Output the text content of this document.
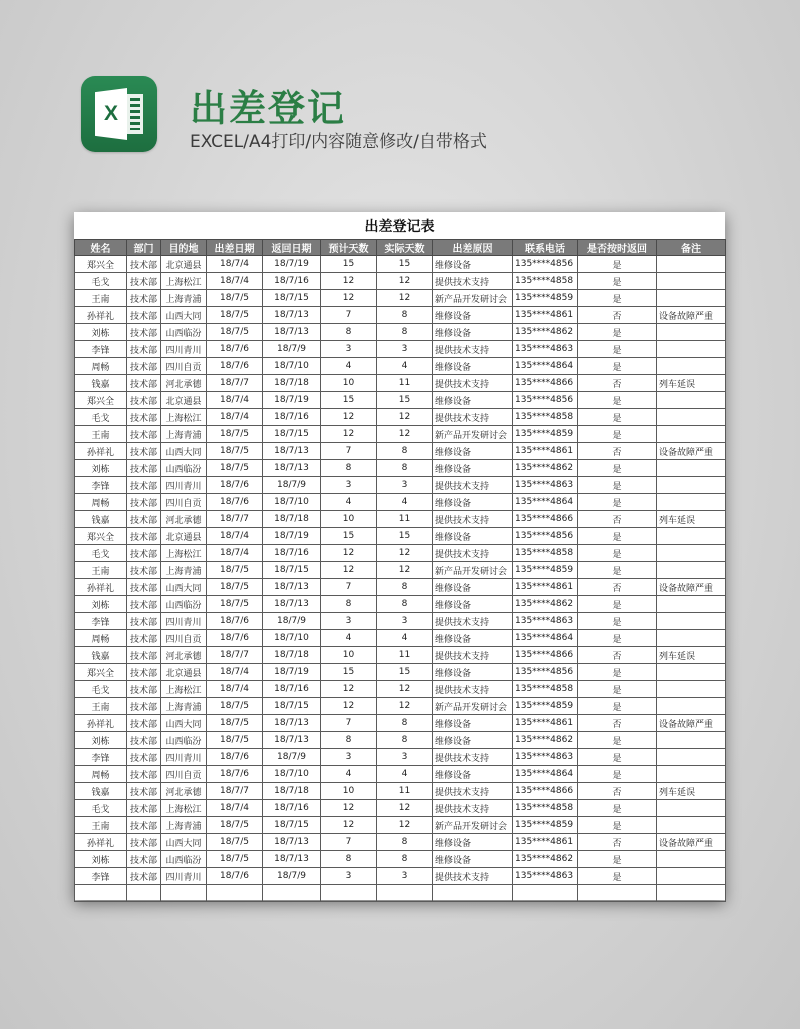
X 出差登记

EXCEL/A4打印/内容随意修改/自带格式

出差登记表
姓名	部门	目的地	出差日期	返回日期	预计天数	实际天数	出差原因	联系电话	是否按时返回	备注
郑兴全	技术部	北京通县	18/7/4	18/7/19	15	15	维修设备	135****4856	是	
毛戈	技术部	上海松江	18/7/4	18/7/16	12	12	提供技术支持	135****4858	是	
王南	技术部	上海青浦	18/7/5	18/7/15	12	12	新产品开发研讨会	135****4859	是	
孙祥礼	技术部	山西大同	18/7/5	18/7/13	7	8	维修设备	135****4861	否	设备故障严重
刘栋	技术部	山西临汾	18/7/5	18/7/13	8	8	维修设备	135****4862	是	
李锋	技术部	四川青川	18/7/6	18/7/9	3	3	提供技术支持	135****4863	是	
周畅	技术部	四川自贡	18/7/6	18/7/10	4	4	维修设备	135****4864	是	
钱嘉	技术部	河北承德	18/7/7	18/7/18	10	11	提供技术支持	135****4866	否	列车延误
郑兴全	技术部	北京通县	18/7/4	18/7/19	15	15	维修设备	135****4856	是	
毛戈	技术部	上海松江	18/7/4	18/7/16	12	12	提供技术支持	135****4858	是	
王南	技术部	上海青浦	18/7/5	18/7/15	12	12	新产品开发研讨会	135****4859	是	
孙祥礼	技术部	山西大同	18/7/5	18/7/13	7	8	维修设备	135****4861	否	设备故障严重
刘栋	技术部	山西临汾	18/7/5	18/7/13	8	8	维修设备	135****4862	是	
李锋	技术部	四川青川	18/7/6	18/7/9	3	3	提供技术支持	135****4863	是	
周畅	技术部	四川自贡	18/7/6	18/7/10	4	4	维修设备	135****4864	是	
钱嘉	技术部	河北承德	18/7/7	18/7/18	10	11	提供技术支持	135****4866	否	列车延误
郑兴全	技术部	北京通县	18/7/4	18/7/19	15	15	维修设备	135****4856	是	
毛戈	技术部	上海松江	18/7/4	18/7/16	12	12	提供技术支持	135****4858	是	
王南	技术部	上海青浦	18/7/5	18/7/15	12	12	新产品开发研讨会	135****4859	是	
孙祥礼	技术部	山西大同	18/7/5	18/7/13	7	8	维修设备	135****4861	否	设备故障严重
刘栋	技术部	山西临汾	18/7/5	18/7/13	8	8	维修设备	135****4862	是	
李锋	技术部	四川青川	18/7/6	18/7/9	3	3	提供技术支持	135****4863	是	
周畅	技术部	四川自贡	18/7/6	18/7/10	4	4	维修设备	135****4864	是	
钱嘉	技术部	河北承德	18/7/7	18/7/18	10	11	提供技术支持	135****4866	否	列车延误
郑兴全	技术部	北京通县	18/7/4	18/7/19	15	15	维修设备	135****4856	是	
毛戈	技术部	上海松江	18/7/4	18/7/16	12	12	提供技术支持	135****4858	是	
王南	技术部	上海青浦	18/7/5	18/7/15	12	12	新产品开发研讨会	135****4859	是	
孙祥礼	技术部	山西大同	18/7/5	18/7/13	7	8	维修设备	135****4861	否	设备故障严重
刘栋	技术部	山西临汾	18/7/5	18/7/13	8	8	维修设备	135****4862	是	
李锋	技术部	四川青川	18/7/6	18/7/9	3	3	提供技术支持	135****4863	是	
周畅	技术部	四川自贡	18/7/6	18/7/10	4	4	维修设备	135****4864	是	
钱嘉	技术部	河北承德	18/7/7	18/7/18	10	11	提供技术支持	135****4866	否	列车延误
毛戈	技术部	上海松江	18/7/4	18/7/16	12	12	提供技术支持	135****4858	是	
王南	技术部	上海青浦	18/7/5	18/7/15	12	12	新产品开发研讨会	135****4859	是	
孙祥礼	技术部	山西大同	18/7/5	18/7/13	7	8	维修设备	135****4861	否	设备故障严重
刘栋	技术部	山西临汾	18/7/5	18/7/13	8	8	维修设备	135****4862	是	
李锋	技术部	四川青川	18/7/6	18/7/9	3	3	提供技术支持	135****4863	是	
